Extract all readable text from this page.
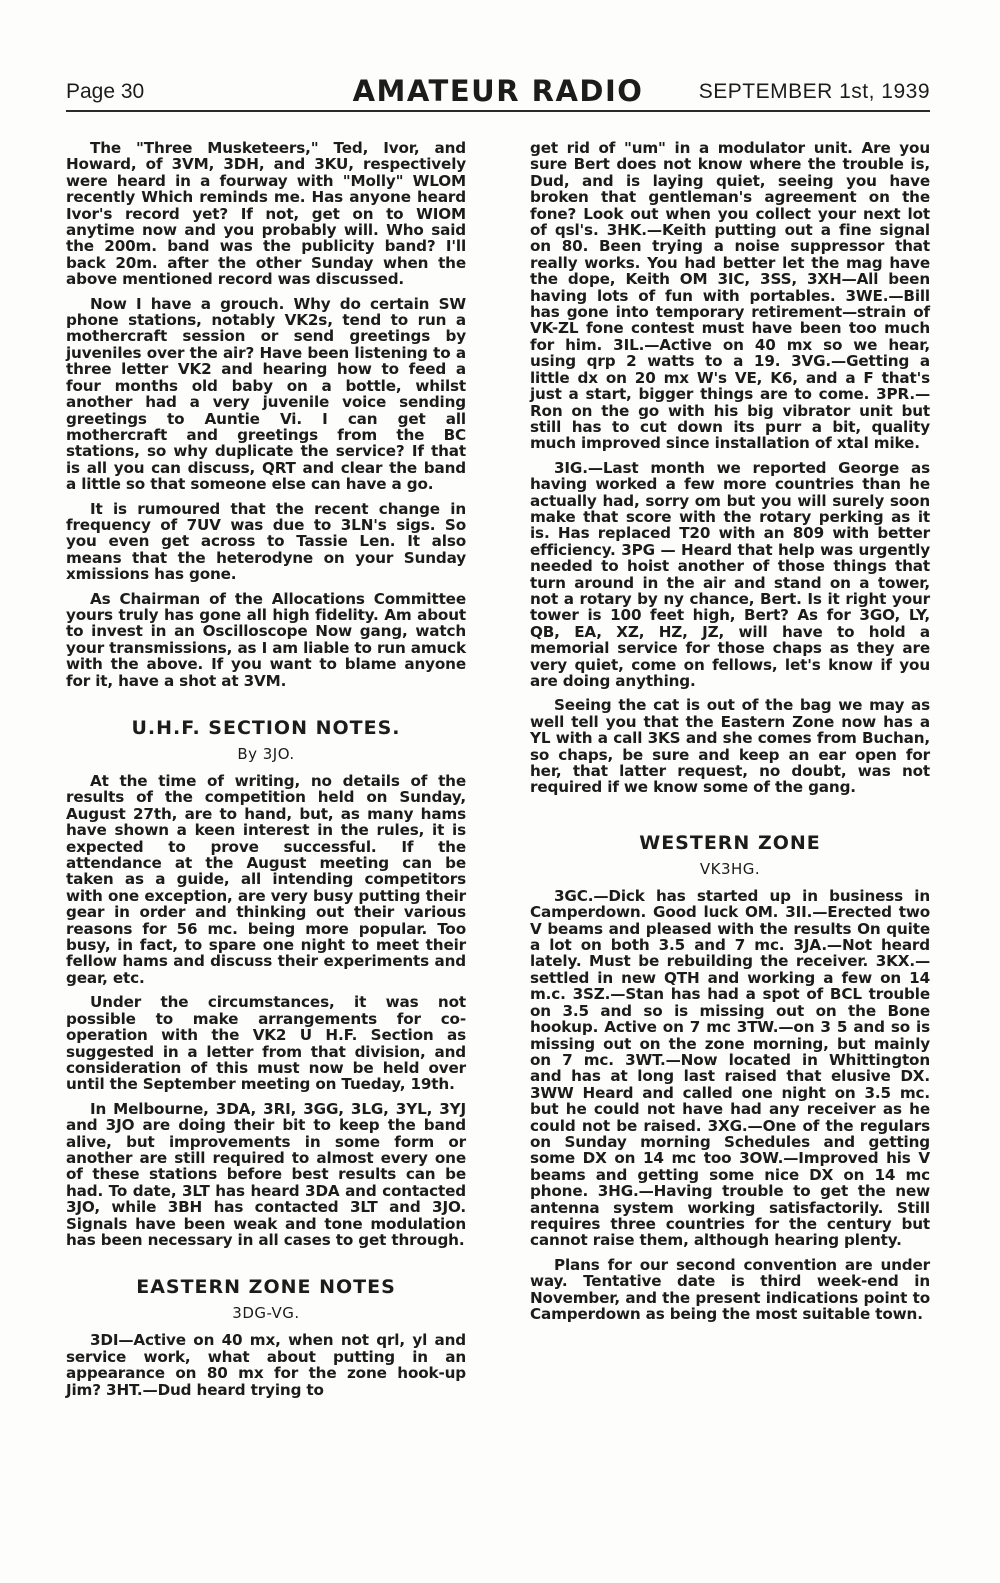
Page 30	AMATEUR RADIO	SEPTEMBER 1st, 1939

The "Three Musketeers," Ted, Ivor, and Howard, of 3VM, 3DH, and 3KU, respectively were heard in a fourway with "Molly" WLOM recently Which reminds me. Has anyone heard Ivor's record yet? If not, get on to WIOM anytime now and you probably will. Who said the 200m. band was the publicity band? I'll back 20m. after the other Sunday when the above mentioned record was discussed.

Now I have a grouch. Why do certain SW phone stations, notably VK2s, tend to run a mothercraft session or send greetings by juveniles over the air? Have been listening to a three letter VK2 and hearing how to feed a four months old baby on a bottle, whilst another had a very juvenile voice sending greetings to Auntie Vi. I can get all mothercraft and greetings from the BC stations, so why duplicate the service? If that is all you can discuss, QRT and clear the band a little so that someone else can have a go.

It is rumoured that the recent change in frequency of 7UV was due to 3LN's sigs. So you even get across to Tassie Len. It also means that the heterodyne on your Sunday xmissions has gone.

As Chairman of the Allocations Committee yours truly has gone all high fidelity. Am about to invest in an Oscilloscope Now gang, watch your transmissions, as I am liable to run amuck with the above. If you want to blame anyone for it, have a shot at 3VM.

U.H.F. SECTION NOTES.
By 3JO.

At the time of writing, no details of the results of the competition held on Sunday, August 27th, are to hand, but, as many hams have shown a keen interest in the rules, it is expected to prove successful. If the attendance at the August meeting can be taken as a guide, all intending competitors with one exception, are very busy putting their gear in order and thinking out their various reasons for 56 mc. being more popular. Too busy, in fact, to spare one night to meet their fellow hams and discuss their experiments and gear, etc.

Under the circumstances, it was not possible to make arrangements for co-operation with the VK2 U H.F. Section as suggested in a letter from that division, and consideration of this must now be held over until the September meeting on Tueday, 19th.

In Melbourne, 3DA, 3RI, 3GG, 3LG, 3YL, 3YJ and 3JO are doing their bit to keep the band alive, but improvements in some form or another are still required to almost every one of these stations before best results can be had. To date, 3LT has heard 3DA and contacted 3JO, while 3BH has contacted 3LT and 3JO. Signals have been weak and tone modulation has been necessary in all cases to get through.

EASTERN ZONE NOTES
3DG-VG.

3DI—Active on 40 mx, when not qrl, yl and service work, what about putting in an appearance on 80 mx for the zone hook-up Jim? 3HT.—Dud heard trying to

get rid of "um" in a modulator unit. Are you sure Bert does not know where the trouble is, Dud, and is laying quiet, seeing you have broken that gentleman's agreement on the fone? Look out when you collect your next lot of qsl's. 3HK.—Keith putting out a fine signal on 80. Been trying a noise suppressor that really works. You had better let the mag have the dope, Keith OM 3IC, 3SS, 3XH—All been having lots of fun with portables. 3WE.—Bill has gone into temporary retirement—strain of VK-ZL fone contest must have been too much for him. 3IL.—Active on 40 mx so we hear, using qrp 2 watts to a 19. 3VG.—Getting a little dx on 20 mx W's VE, K6, and a F that's just a start, bigger things are to come. 3PR.—Ron on the go with his big vibrator unit but still has to cut down its purr a bit, quality much improved since installation of xtal mike.

3IG.—Last month we reported George as having worked a few more countries than he actually had, sorry om but you will surely soon make that score with the rotary perking as it is. Has replaced T20 with an 809 with better efficiency. 3PG — Heard that help was urgently needed to hoist another of those things that turn around in the air and stand on a tower, not a rotary by ny chance, Bert. Is it right your tower is 100 feet high, Bert? As for 3GO, LY, QB, EA, XZ, HZ, JZ, will have to hold a memorial service for those chaps as they are very quiet, come on fellows, let's know if you are doing anything.

Seeing the cat is out of the bag we may as well tell you that the Eastern Zone now has a YL with a call 3KS and she comes from Buchan, so chaps, be sure and keep an ear open for her, that latter request, no doubt, was not required if we know some of the gang.

WESTERN ZONE
VK3HG.

3GC.—Dick has started up in business in Camperdown. Good luck OM. 3II.—Erected two V beams and pleased with the results On quite a lot on both 3.5 and 7 mc. 3JA.—Not heard lately. Must be rebuilding the receiver. 3KX.—settled in new QTH and working a few on 14 m.c. 3SZ.—Stan has had a spot of BCL trouble on 3.5 and so is missing out on the Bone hookup. Active on 7 mc 3TW.—on 3 5 and so is missing out on the zone morning, but mainly on 7 mc. 3WT.—Now located in Whittington and has at long last raised that elusive DX. 3WW Heard and called one night on 3.5 mc. but he could not have had any receiver as he could not be raised. 3XG.—One of the regulars on Sunday morning Schedules and getting some DX on 14 mc too 3OW.—Improved his V beams and getting some nice DX on 14 mc phone. 3HG.—Having trouble to get the new antenna system working satisfactorily. Still requires three countries for the century but cannot raise them, although hearing plenty.

Plans for our second convention are under way. Tentative date is third week-end in November, and the present indications point to Camperdown as being the most suitable town.
